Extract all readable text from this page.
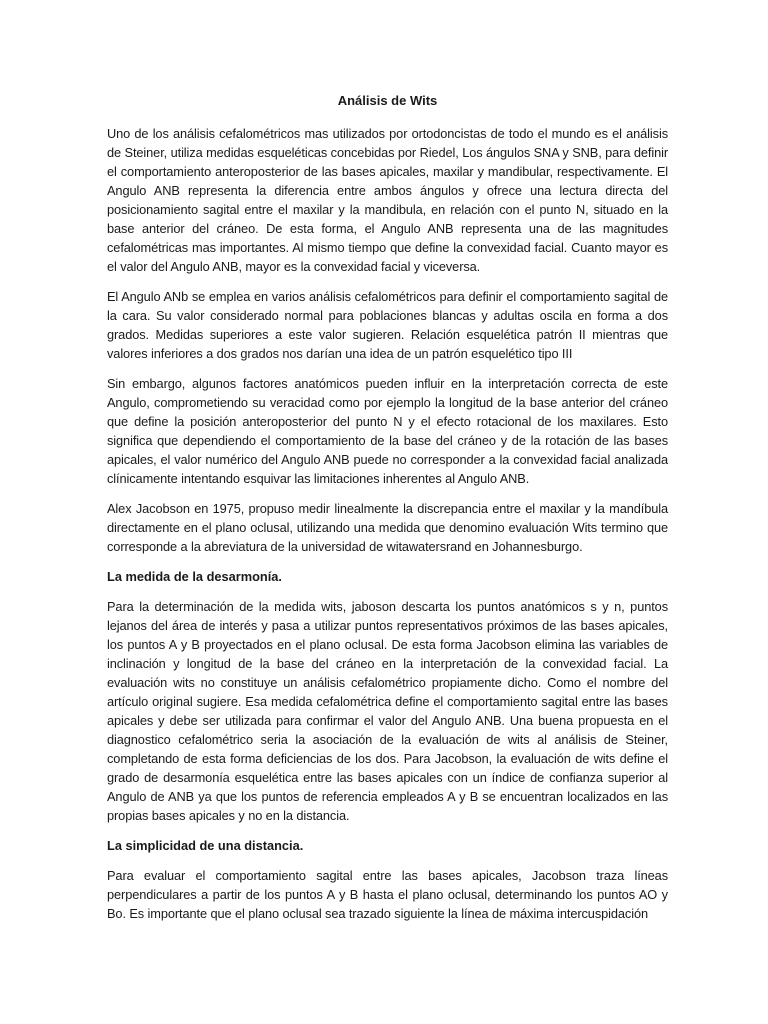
Análisis de Wits

Uno de los análisis cefalométricos mas utilizados por ortodoncistas de todo el mundo es el análisis de Steiner, utiliza medidas esqueléticas concebidas por Riedel, Los ángulos SNA y SNB, para definir el comportamiento anteroposterior de las bases apicales, maxilar y mandibular, respectivamente. El Angulo ANB representa la diferencia entre ambos ángulos y ofrece una lectura directa del posicionamiento sagital entre el maxilar y la mandibula, en relación con el punto N, situado en la base anterior del cráneo. De esta forma, el Angulo ANB representa una de las magnitudes cefalométricas mas importantes. Al mismo tiempo que define la convexidad facial. Cuanto mayor es el valor del Angulo ANB, mayor es la convexidad facial y viceversa.

El Angulo ANb se emplea en varios análisis cefalométricos para definir el comportamiento sagital de la cara. Su valor considerado normal para poblaciones blancas y adultas oscila en forma a dos grados. Medidas superiores a este valor sugieren. Relación esquelética patrón II mientras que valores inferiores a dos grados nos darían una idea de un patrón esquelético tipo III

Sin embargo, algunos factores anatómicos pueden influir en la interpretación correcta de este Angulo, comprometiendo su veracidad como por ejemplo la longitud de la base anterior del cráneo que define la posición anteroposterior del punto N y el efecto rotacional de los maxilares. Esto significa que dependiendo el comportamiento de la base del cráneo y de la rotación de las bases apicales, el valor numérico del Angulo ANB puede no corresponder a la convexidad facial analizada clínicamente intentando esquivar las limitaciones inherentes al Angulo ANB.

Alex Jacobson en 1975, propuso medir linealmente la discrepancia entre el maxilar y la mandíbula directamente en el plano oclusal, utilizando una medida que denomino evaluación Wits termino que corresponde a la abreviatura de la universidad de witawatersrand en Johannesburgo.

La medida de la desarmonía.

Para la determinación de la medida wits, jaboson descarta los puntos anatómicos s y n, puntos lejanos del área de interés y pasa a utilizar puntos representativos próximos de las bases apicales, los puntos A y B proyectados en el plano oclusal. De esta forma Jacobson elimina las variables de inclinación y longitud de la base del cráneo en la interpretación de la convexidad facial. La evaluación wits no constituye un análisis cefalométrico propiamente dicho. Como el nombre del artículo original sugiere. Esa medida cefalométrica define el comportamiento sagital entre las bases apicales y debe ser utilizada para confirmar el valor del Angulo ANB. Una buena propuesta en el diagnostico cefalométrico seria la asociación de la evaluación de wits al análisis de Steiner, completando de esta forma deficiencias de los dos. Para Jacobson, la evaluación de wits define el grado de desarmonía esquelética entre las bases apicales con un índice de confianza superior al Angulo de ANB ya que los puntos de referencia empleados A y B se encuentran localizados en las propias bases apicales y no en la distancia.

La simplicidad de una distancia.

Para evaluar el comportamiento sagital entre las bases apicales, Jacobson traza líneas perpendiculares a partir de los puntos A y B hasta el plano oclusal, determinando los puntos AO y Bo. Es importante que el plano oclusal sea trazado siguiente la línea de máxima intercuspidación
